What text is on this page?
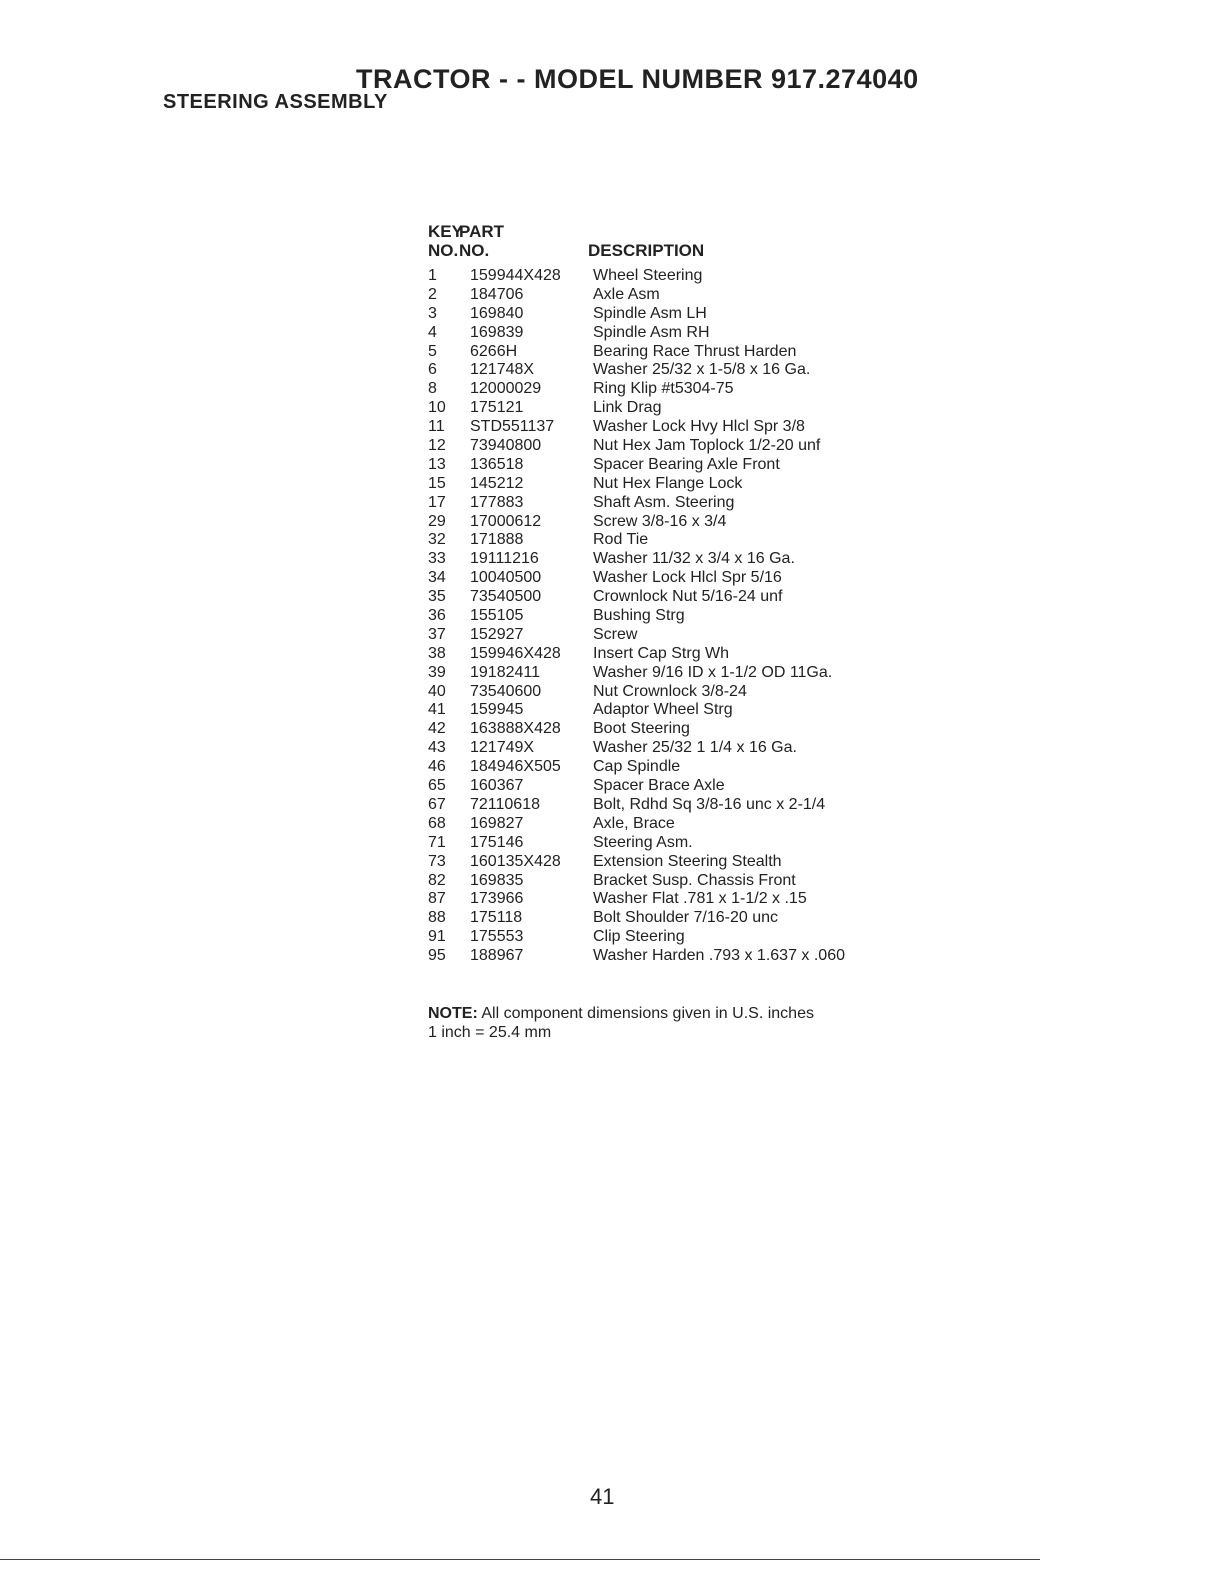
TRACTOR - - MODEL NUMBER 917.274040
STEERING ASSEMBLY
KEY
PART
NO. NO.	DESCRIPTION
1 159944X428 Wheel Steering
2 184706	Axle Asm
3 169840	Spindle Asm LH
4 169839	Spindle Asm RH
5 6266H	Bearing Race Thrust Harden
6 121748X	Washer 25/32 x 1-5/8 x 16 Ga.
8 12000029	Ring Klip #t5304-75
10 175121	Link Drag
11 STD551137 Washer Lock Hvy Hlcl Spr 3/8
12 73940800	Nut Hex Jam Toplock 1/2-20 unf
13 136518	Spacer Bearing Axle Front
15 145212	Nut Hex Flange Lock
17 177883	Shaft Asm. Steering
29 17000612	Screw 3/8-16 x 3/4
32 171888	Rod Tie
33 19111216	Washer 11/32 x 3/4 x 16 Ga.
34 10040500	Washer Lock Hlcl Spr 5/16
35 73540500	Crownlock Nut 5/16-24 unf
36 155105	Bushing Strg
37 152927	Screw
38 159946X428 Insert Cap Strg Wh
39 19182411	Washer 9/16 ID x 1-1/2 OD 11Ga.
40 73540600	Nut Crownlock 3/8-24
41 159945	Adaptor Wheel Strg
42 163888X428 Boot Steering
43 121749X	Washer 25/32 1 1/4 x 16 Ga.
46 184946X505 Cap Spindle
65 160367	Spacer Brace Axle
67 72110618	Bolt, Rdhd Sq 3/8-16 unc x 2-1/4
68 169827	Axle, Brace
71 175146	Steering Asm.
73 160135X428 Extension Steering Stealth
82 169835	Bracket Susp. Chassis Front
87 173966	Washer Flat .781 x 1-1/2 x .15
88 175118	Bolt Shoulder 7/16-20 unc
91 175553	Clip Steering
95 188967	Washer Harden .793 x 1.637 x .060
NOTE: All component dimensions given in U.S. inches
1 inch = 25.4 mm
41
